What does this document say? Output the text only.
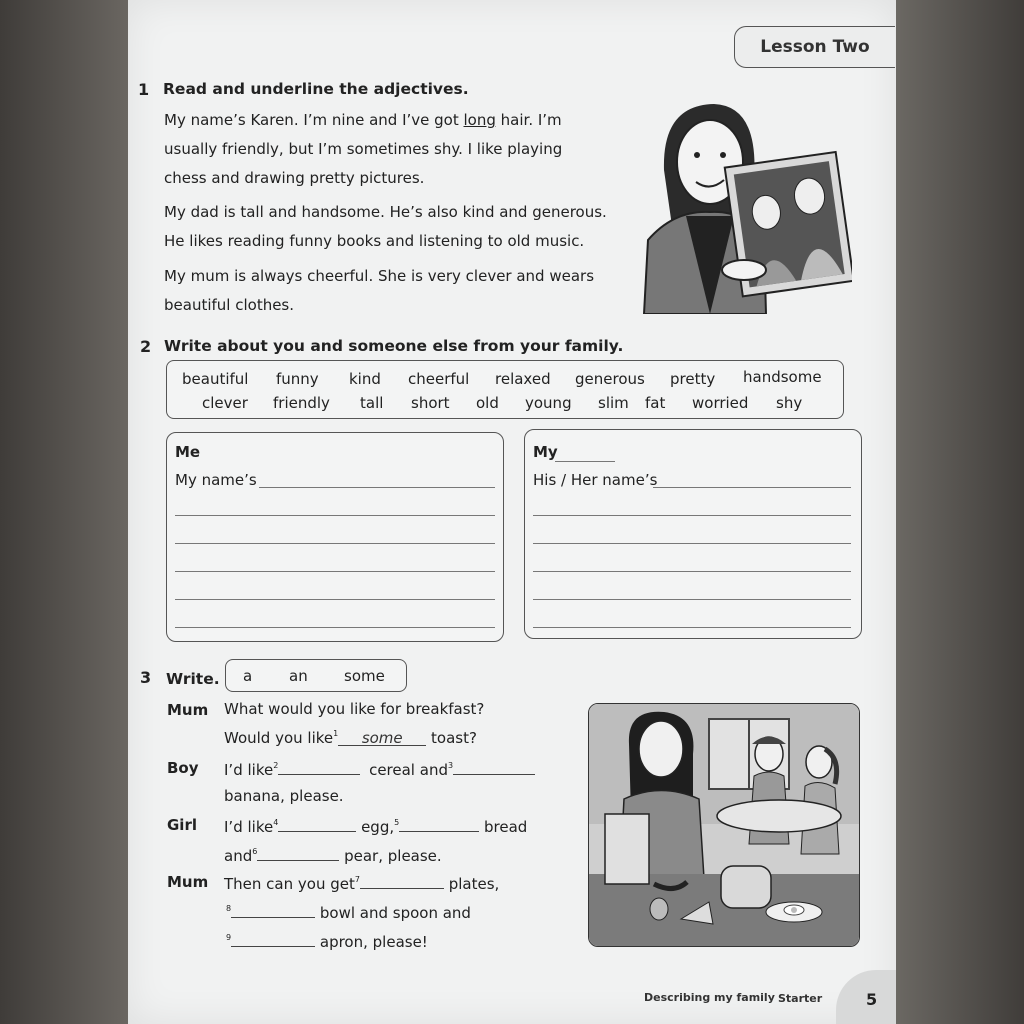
Lesson Two
1 Read and underline the adjectives.
My name’s Karen. I’m nine and I’ve got long hair. I’m
usually friendly, but I’m sometimes shy. I like playing
chess and drawing pretty pictures.
My dad is tall and handsome. He’s also kind and generous.
He likes reading funny books and listening to old music.
My mum is always cheerful. She is very clever and wears
beautiful clothes.
2 Write about you and someone else from your family.
beautiful funny kind cheerful relaxed generous pretty handsome
clever friendly tall short old young slim fat worried shy
Me
My name’s
My
His / Her name’s
3 Write. a an some
Mum What would you like for breakfast?
Would you like$^1$ some toast?
Boy I’d like$^2$	cereal and$^3$
banana, please.
Girl I’d like$^4$	egg,$^5$	bread
and$^6$	pear, please.
Mum Then can you get$^7$	plates,
$^8$	bowl and spoon and
$^9$	apron, please!
Describing my family Starter	5
